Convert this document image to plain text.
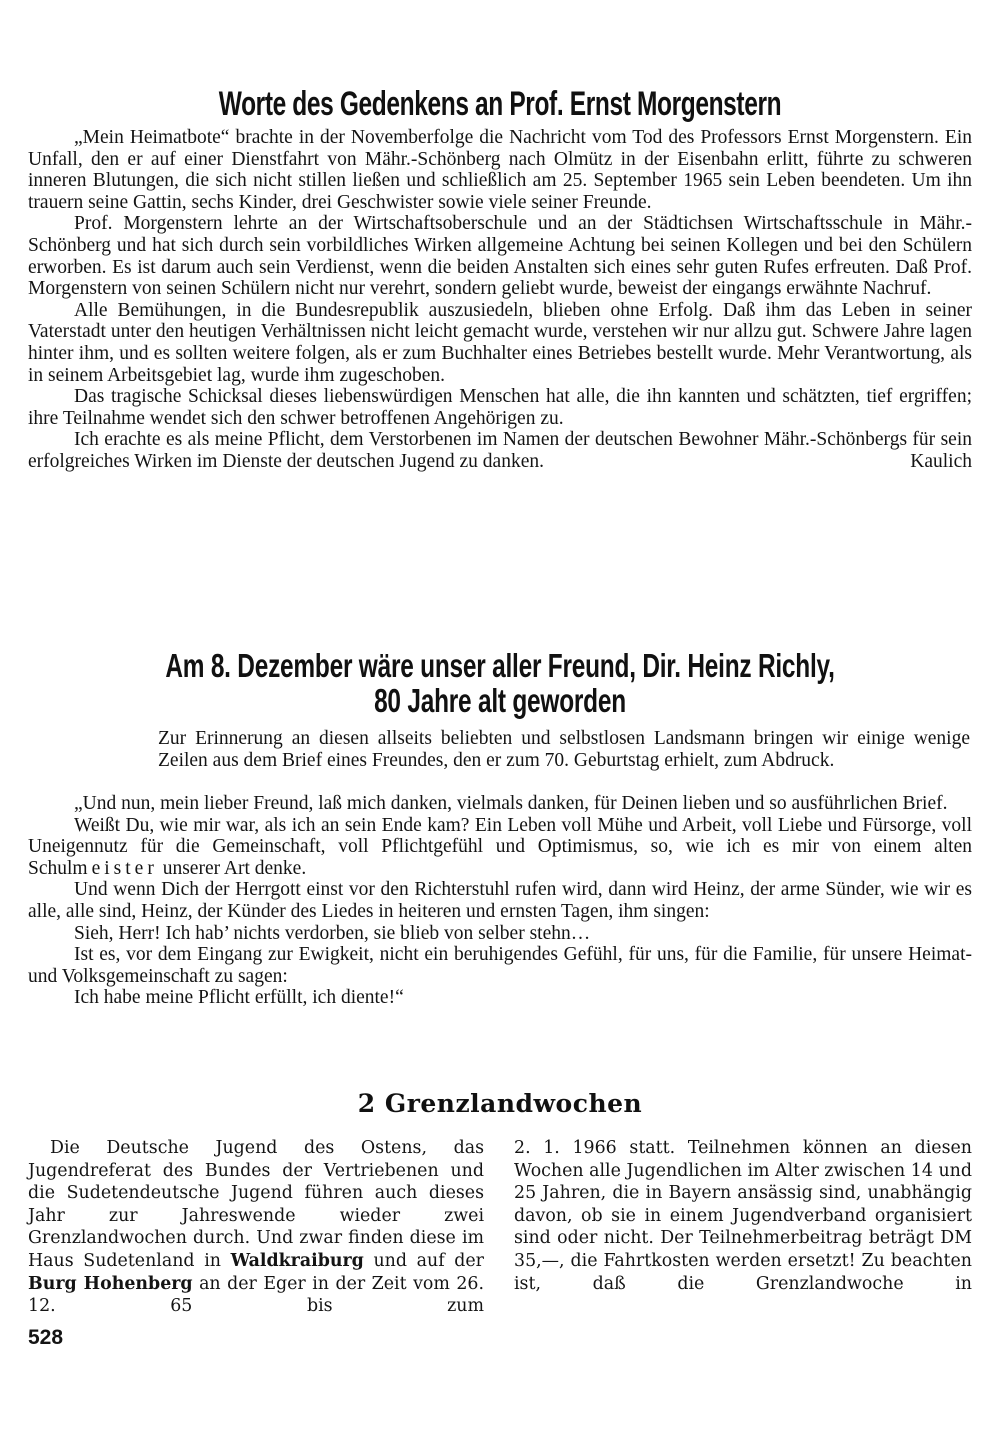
Worte des Gedenkens an Prof. Ernst Morgenstern

„Mein Heimatbote“ brachte in der Novemberfolge die Nachricht vom Tod des Professors Ernst Morgenstern. Ein Unfall, den er auf einer Dienstfahrt von Mähr.-Schönberg nach Olmütz in der Eisenbahn erlitt, führte zu schweren inneren Blutungen, die sich nicht stillen ließen und schließlich am 25. September 1965 sein Leben beendeten. Um ihn trauern seine Gattin, sechs Kinder, drei Geschwister sowie viele seiner Freunde.

Prof. Morgenstern lehrte an der Wirtschaftsoberschule und an der Städtichsen Wirtschaftsschule in Mähr.-Schönberg und hat sich durch sein vorbildliches Wirken allgemeine Achtung bei seinen Kollegen und bei den Schülern erworben. Es ist darum auch sein Verdienst, wenn die beiden Anstalten sich eines sehr guten Rufes erfreuten. Daß Prof. Morgenstern von seinen Schülern nicht nur verehrt, sondern geliebt wurde, beweist der eingangs erwähnte Nachruf.

Alle Bemühungen, in die Bundesrepublik auszusiedeln, blieben ohne Erfolg. Daß ihm das Leben in seiner Vaterstadt unter den heutigen Verhältnissen nicht leicht gemacht wurde, verstehen wir nur allzu gut. Schwere Jahre lagen hinter ihm, und es sollten weitere folgen, als er zum Buchhalter eines Betriebes bestellt wurde. Mehr Verantwortung, als in seinem Arbeitsgebiet lag, wurde ihm zugeschoben.

Das tragische Schicksal dieses liebenswürdigen Menschen hat alle, die ihn kannten und schätzten, tief ergriffen; ihre Teilnahme wendet sich den schwer betroffenen Angehörigen zu.

Ich erachte es als meine Pflicht, dem Verstorbenen im Namen der deutschen Bewohner Mähr.-Schönbergs für sein erfolgreiches Wirken im Dienste der deutschen Jugend zu danken.	Kaulich

Am 8. Dezember wäre unser aller Freund, Dir. Heinz Richly,
80 Jahre alt geworden

Zur Erinnerung an diesen allseits beliebten und selbstlosen Landsmann bringen wir einige wenige Zeilen aus dem Brief eines Freundes, den er zum 70. Geburtstag erhielt, zum Abdruck.

„Und nun, mein lieber Freund, laß mich danken, vielmals danken, für Deinen lieben und so ausführlichen Brief.

Weißt Du, wie mir war, als ich an sein Ende kam? Ein Leben voll Mühe und Arbeit, voll Liebe und Fürsorge, voll Uneigennutz für die Gemeinschaft, voll Pflichtgefühl und Optimismus, so, wie ich es mir von einem alten Schulmeister unserer Art denke.

Und wenn Dich der Herrgott einst vor den Richterstuhl rufen wird, dann wird Heinz, der arme Sünder, wie wir es alle, alle sind, Heinz, der Künder des Liedes in heiteren und ernsten Tagen, ihm singen:

Sieh, Herr! Ich hab’ nichts verdorben, sie blieb von selber stehn…

Ist es, vor dem Eingang zur Ewigkeit, nicht ein beruhigendes Gefühl, für uns, für die Familie, für unsere Heimat- und Volksgemeinschaft zu sagen:

Ich habe meine Pflicht erfüllt, ich diente!“

2 Grenzlandwochen

Die Deutsche Jugend des Ostens, das Jugendreferat des Bundes der Vertriebenen und die Sudetendeutsche Jugend führen auch dieses Jahr zur Jahreswende wieder zwei Grenzlandwochen durch. Und zwar finden diese im Haus Sudetenland in Waldkraiburg und auf der Burg Hohenberg an der Eger in der Zeit vom 26. 12. 65 bis zum

2. 1. 1966 statt. Teilnehmen können an diesen Wochen alle Jugendlichen im Alter zwischen 14 und 25 Jahren, die in Bayern ansässig sind, unabhängig davon, ob sie in einem Jugendverband organisiert sind oder nicht. Der Teilnehmerbeitrag beträgt DM 35,—, die Fahrtkosten werden ersetzt! Zu beachten ist, daß die Grenzlandwoche in

528
